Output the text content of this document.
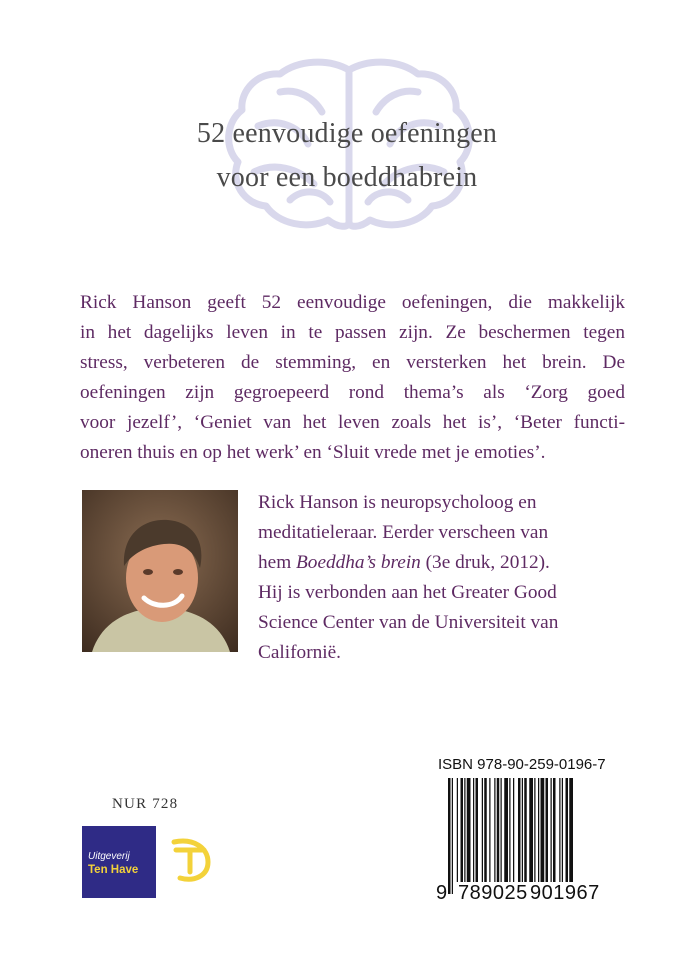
52 eenvoudige oefeningen
voor een boeddhabrein
Rick Hanson geeft 52 eenvoudige oefeningen, die makkelijk
in het dagelijks leven in te passen zijn. Ze beschermen tegen
stress, verbeteren de stemming, en versterken het brein. De
oefeningen zijn gegroepeerd rond thema’s als ‘Zorg goed
voor jezelf’, ‘Geniet van het leven zoals het is’, ‘Beter functi-
oneren thuis en op het werk’ en ‘Sluit vrede met je emoties’.
Rick Hanson is neuropsycholoog en
meditatieleraar. Eerder verscheen van
hem Boeddha’s brein (3e druk, 2012).
Hij is verbonden aan het Greater Good
Science Center van de Universiteit van
Californië.
NUR 728
Uitgeverij
Ten Have
ISBN 978-90-259-0196-7
9 789025 901967
